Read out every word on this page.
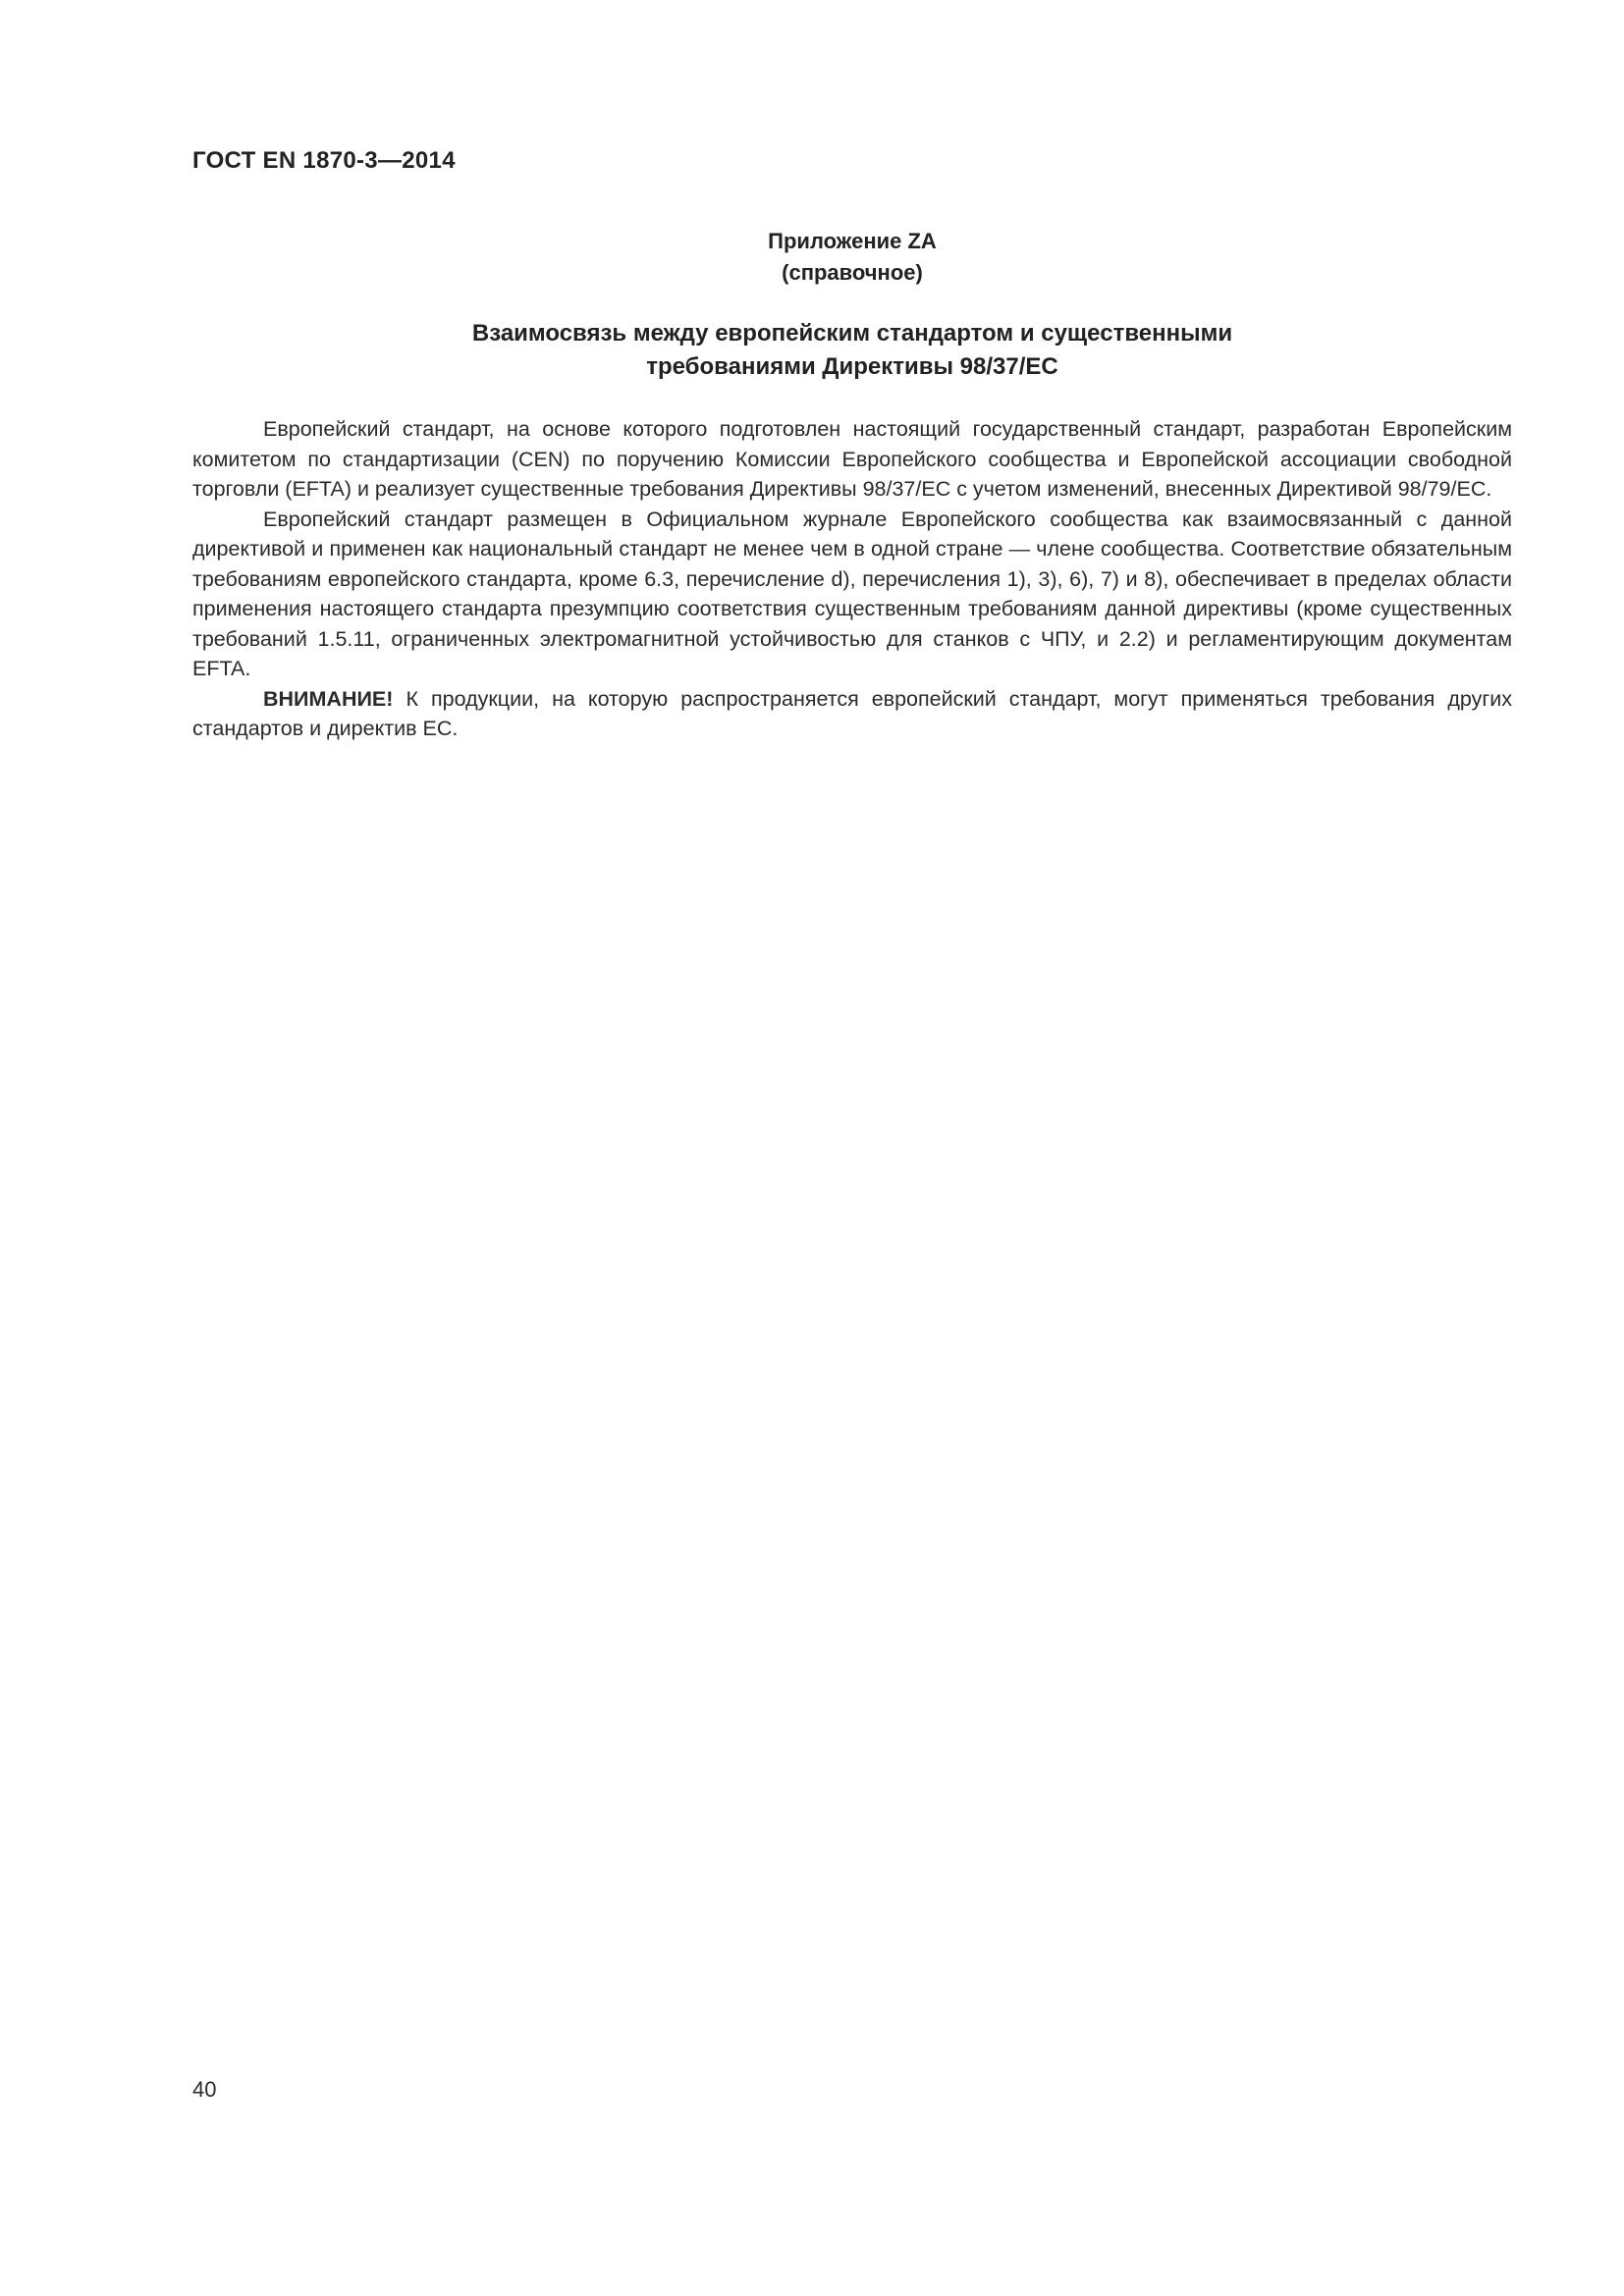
ГОСТ EN 1870-3—2014
Приложение ZA
(справочное)
Взаимосвязь между европейским стандартом и существенными
требованиями Директивы 98/37/ЕС

Европейский стандарт, на основе которого подготовлен настоящий государственный стандарт, разработан Европейским комитетом по стандартизации (CEN) по поручению Комиссии Европейского сообщества и Европейской ассоциации свободной торговли (EFTA) и реализует существенные требования Директивы 98/37/ЕС с учетом изменений, внесенных Директивой 98/79/ЕС.

Европейский стандарт размещен в Официальном журнале Европейского сообщества как взаимосвязанный с данной директивой и применен как национальный стандарт не менее чем в одной стране — члене сообщества. Соответствие обязательным требованиям европейского стандарта, кроме 6.3, перечисление d), перечисления 1), 3), 6), 7) и 8), обеспечивает в пределах области применения настоящего стандарта презумпцию соответствия существенным требованиям данной директивы (кроме существенных требований 1.5.11, ограниченных электромагнитной устойчивостью для станков с ЧПУ, и 2.2) и регламентирующим документам EFTA.

ВНИМАНИЕ! К продукции, на которую распространяется европейский стандарт, могут применяться требования других стандартов и директив ЕС.

40
